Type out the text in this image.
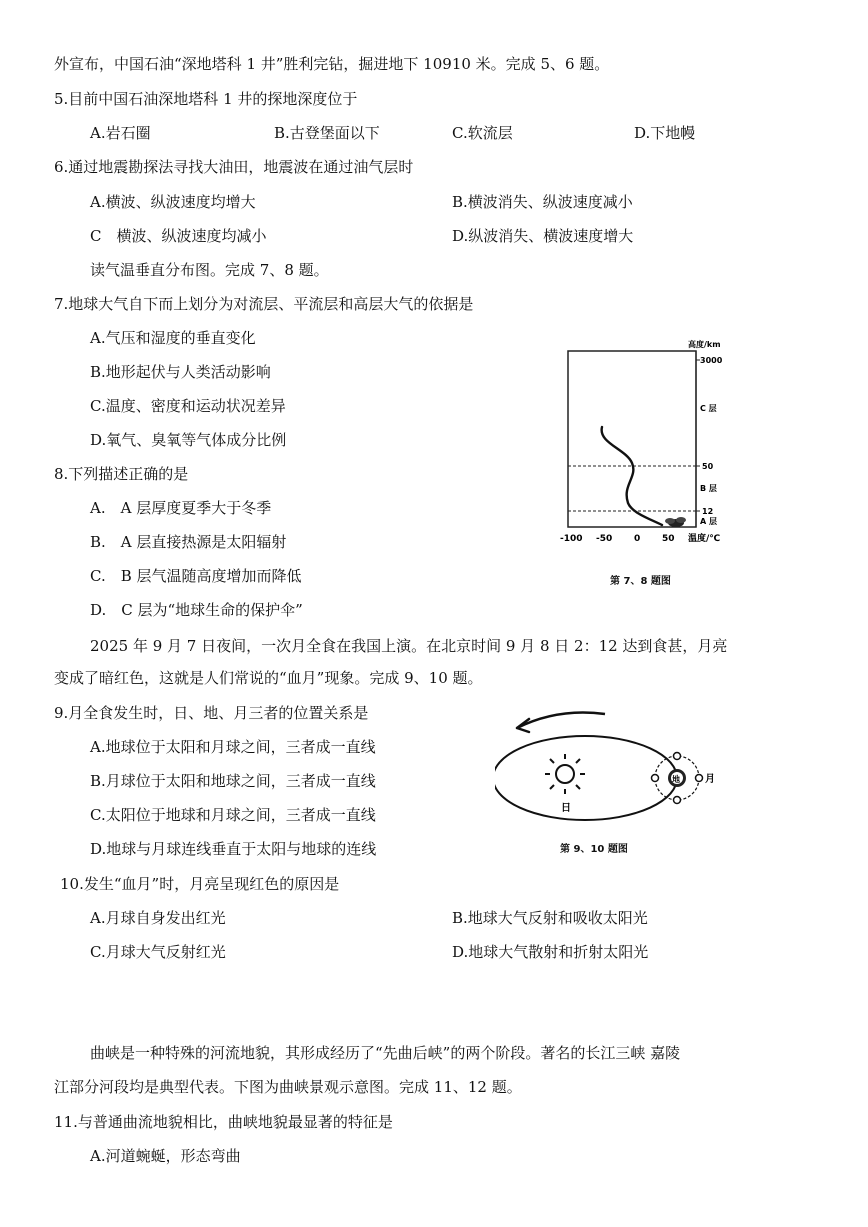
外宣布，中国石油“深地塔科 1 井”胜利完钻，掘进地下 10910 米。完成 5、6 题。
5.目前中国石油深地塔科 1 井的探地深度位于
A.岩石圈	B.古登堡面以下	C.软流层	D.下地幔
6.通过地震勘探法寻找大油田，地震波在通过油气层时
A.横波、纵波速度均增大	B.横波消失、纵波速度减小
C　横波、纵波速度均减小	D.纵波消失、横波速度增大
读气温垂直分布图。完成 7、8 题。
7.地球大气自下而上划分为对流层、平流层和高层大气的依据是
A.气压和湿度的垂直变化
B.地形起伏与人类活动影响
C.温度、密度和运动状况差异
D.氧气、臭氧等气体成分比例
8.下列描述正确的是
A.　A 层厚度夏季大于冬季
B.　A 层直接热源是太阳辐射
C.　B 层气温随高度增加而降低
D.　C 层为“地球生命的保护伞”
高度/km
3000
50
12
C 层
B 层
A 层
-100 -50 0 50 温度/℃
第 7、8 题图
2025 年 9 月 7 日夜间，一次月全食在我国上演。在北京时间 9 月 8 日 2：12 达到食甚，月亮
变成了暗红色，这就是人们常说的“血月”现象。完成 9、10 题。
9.月全食发生时，日、地、月三者的位置关系是
A.地球位于太阳和月球之间，三者成一直线
B.月球位于太阳和地球之间，三者成一直线
C.太阳位于地球和月球之间，三者成一直线
D.地球与月球连线垂直于太阳与地球的连线
日
地	月
第 9、10 题图
10.发生“血月”时，月亮呈现红色的原因是
A.月球自身发出红光	B.地球大气反射和吸收太阳光
C.月球大气反射红光	D.地球大气散射和折射太阳光
曲峡是一种特殊的河流地貌，其形成经历了“先曲后峡”的两个阶段。著名的长江三峡 嘉陵
江部分河段均是典型代表。下图为曲峡景观示意图。完成 11、12 题。
11.与普通曲流地貌相比，曲峡地貌最显著的特征是
A.河道蜿蜒，形态弯曲
